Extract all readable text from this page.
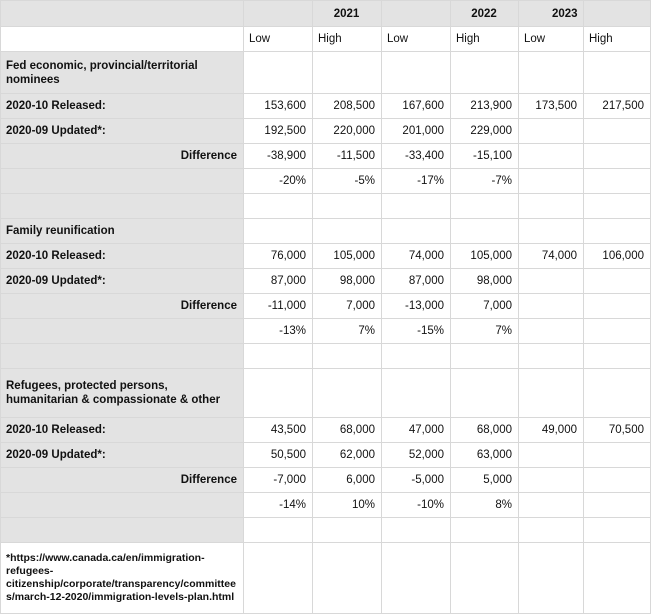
		2021		2022		2023
	Low	High	Low	High	Low	High
Fed economic, provincial/territorial nominees						
2020-10 Released:	153,600	208,500	167,600	213,900	173,500	217,500
2020-09 Updated*:	192,500	220,000	201,000	229,000		
Difference	-38,900	-11,500	-33,400	-15,100		
	-20%	-5%	-17%	-7%		

Family reunification						
2020-10 Released:	76,000	105,000	74,000	105,000	74,000	106,000
2020-09 Updated*:	87,000	98,000	87,000	98,000		
Difference	-11,000	7,000	-13,000	7,000		
	-13%	7%	-15%	7%		

Refugees, protected persons, humanitarian & compassionate & other						
2020-10 Released:	43,500	68,000	47,000	68,000	49,000	70,500
2020-09 Updated*:	50,500	62,000	52,000	63,000		
Difference	-7,000	6,000	-5,000	5,000		
	-14%	10%	-10%	8%		

*https://www.canada.ca/en/immigration-refugees-citizenship/corporate/transparency/committees/march-12-2020/immigration-levels-plan.html						
